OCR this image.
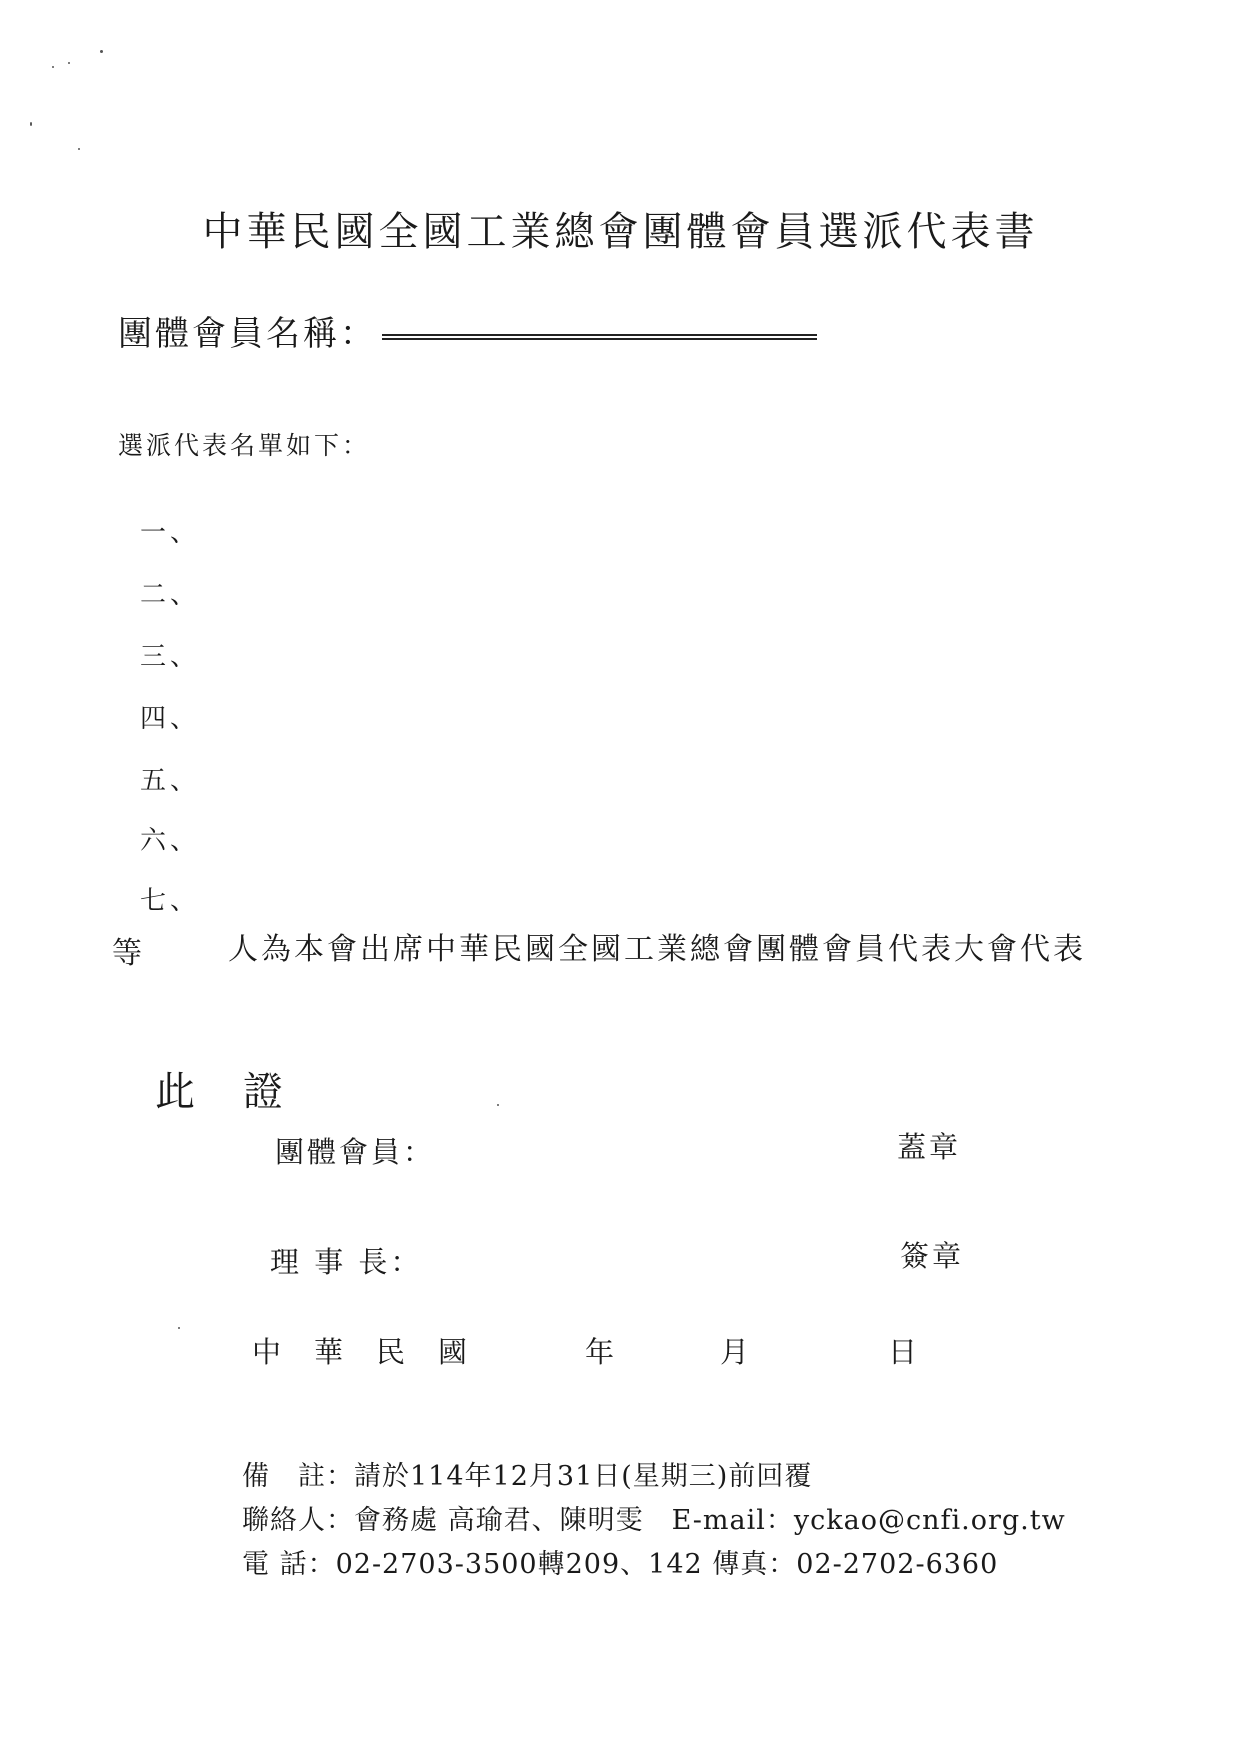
中華民國全國工業總會團體會員選派代表書
團體會員名稱：
選派代表名單如下：
一、
二、
三、
四、
五、
六、
七、
等	人為本會出席中華民國全國工業總會團體會員代表大會代表
此　證
團體會員：	蓋章
理 事 長：	簽章
中　華　民　國	年	月	日
備　註：請於114年12月31日(星期三)前回覆
聯絡人：會務處 高瑜君、陳明雯　E-mail：yckao@cnfi.org.tw
電 話：02-2703-3500轉209、142 傳真：02-2702-6360
